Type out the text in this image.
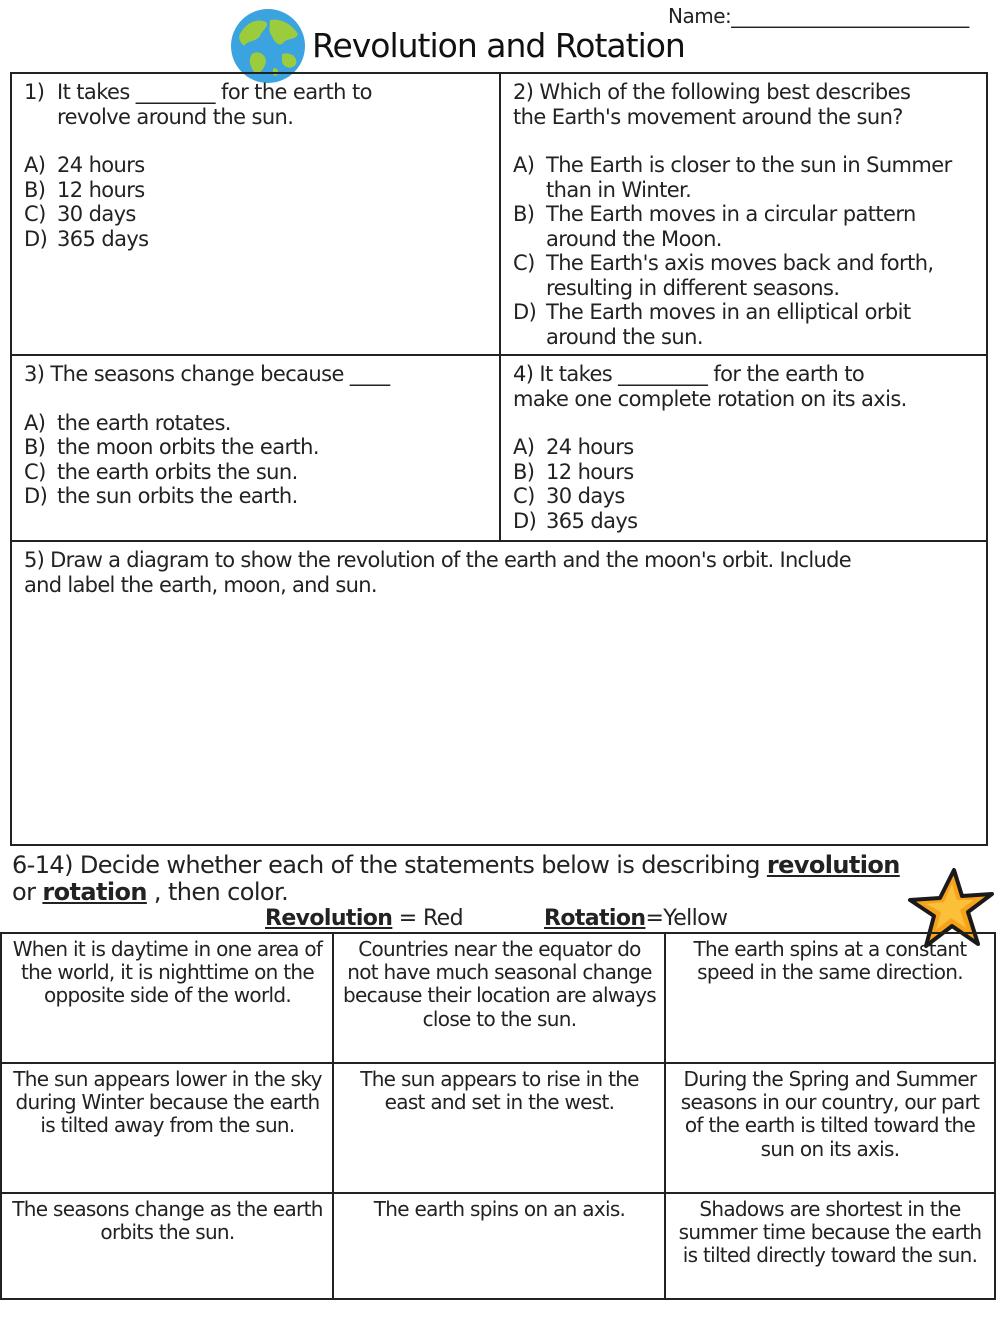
Name:_________________________
Revolution and Rotation
1) It takes ________ for the earth to
revolve around the sun.
A) 24 hours
B) 12 hours
C) 30 days
D) 365 days
2) Which of the following best describes
the Earth's movement around the sun?
A) The Earth is closer to the sun in Summer than in Winter.
B) The Earth moves in a circular pattern around the Moon.
C) The Earth's axis moves back and forth, resulting in different seasons.
D) The Earth moves in an elliptical orbit around the sun.
3) The seasons change because ____
A) the earth rotates.
B) the moon orbits the earth.
C) the earth orbits the sun.
D) the sun orbits the earth.
4) It takes _________ for the earth to
make one complete rotation on its axis.
A) 24 hours
B) 12 hours
C) 30 days
D) 365 days
5) Draw a diagram to show the revolution of the earth and the moon's orbit. Include
and label the earth, moon, and sun.
6-14) Decide whether each of the statements below is describing revolution
or rotation , then color.
Revolution = Red	Rotation=Yellow
When it is daytime in one area of the world, it is nighttime on the opposite side of the world.
Countries near the equator do not have much seasonal change because their location are always close to the sun.
The earth spins at a constant speed in the same direction.
The sun appears lower in the sky during Winter because the earth is tilted away from the sun.
The sun appears to rise in the east and set in the west.
During the Spring and Summer seasons in our country, our part of the earth is tilted toward the sun on its axis.
The seasons change as the earth orbits the sun.
The earth spins on an axis.	Shadows are shortest in the summer time because the earth is tilted directly toward the sun.
